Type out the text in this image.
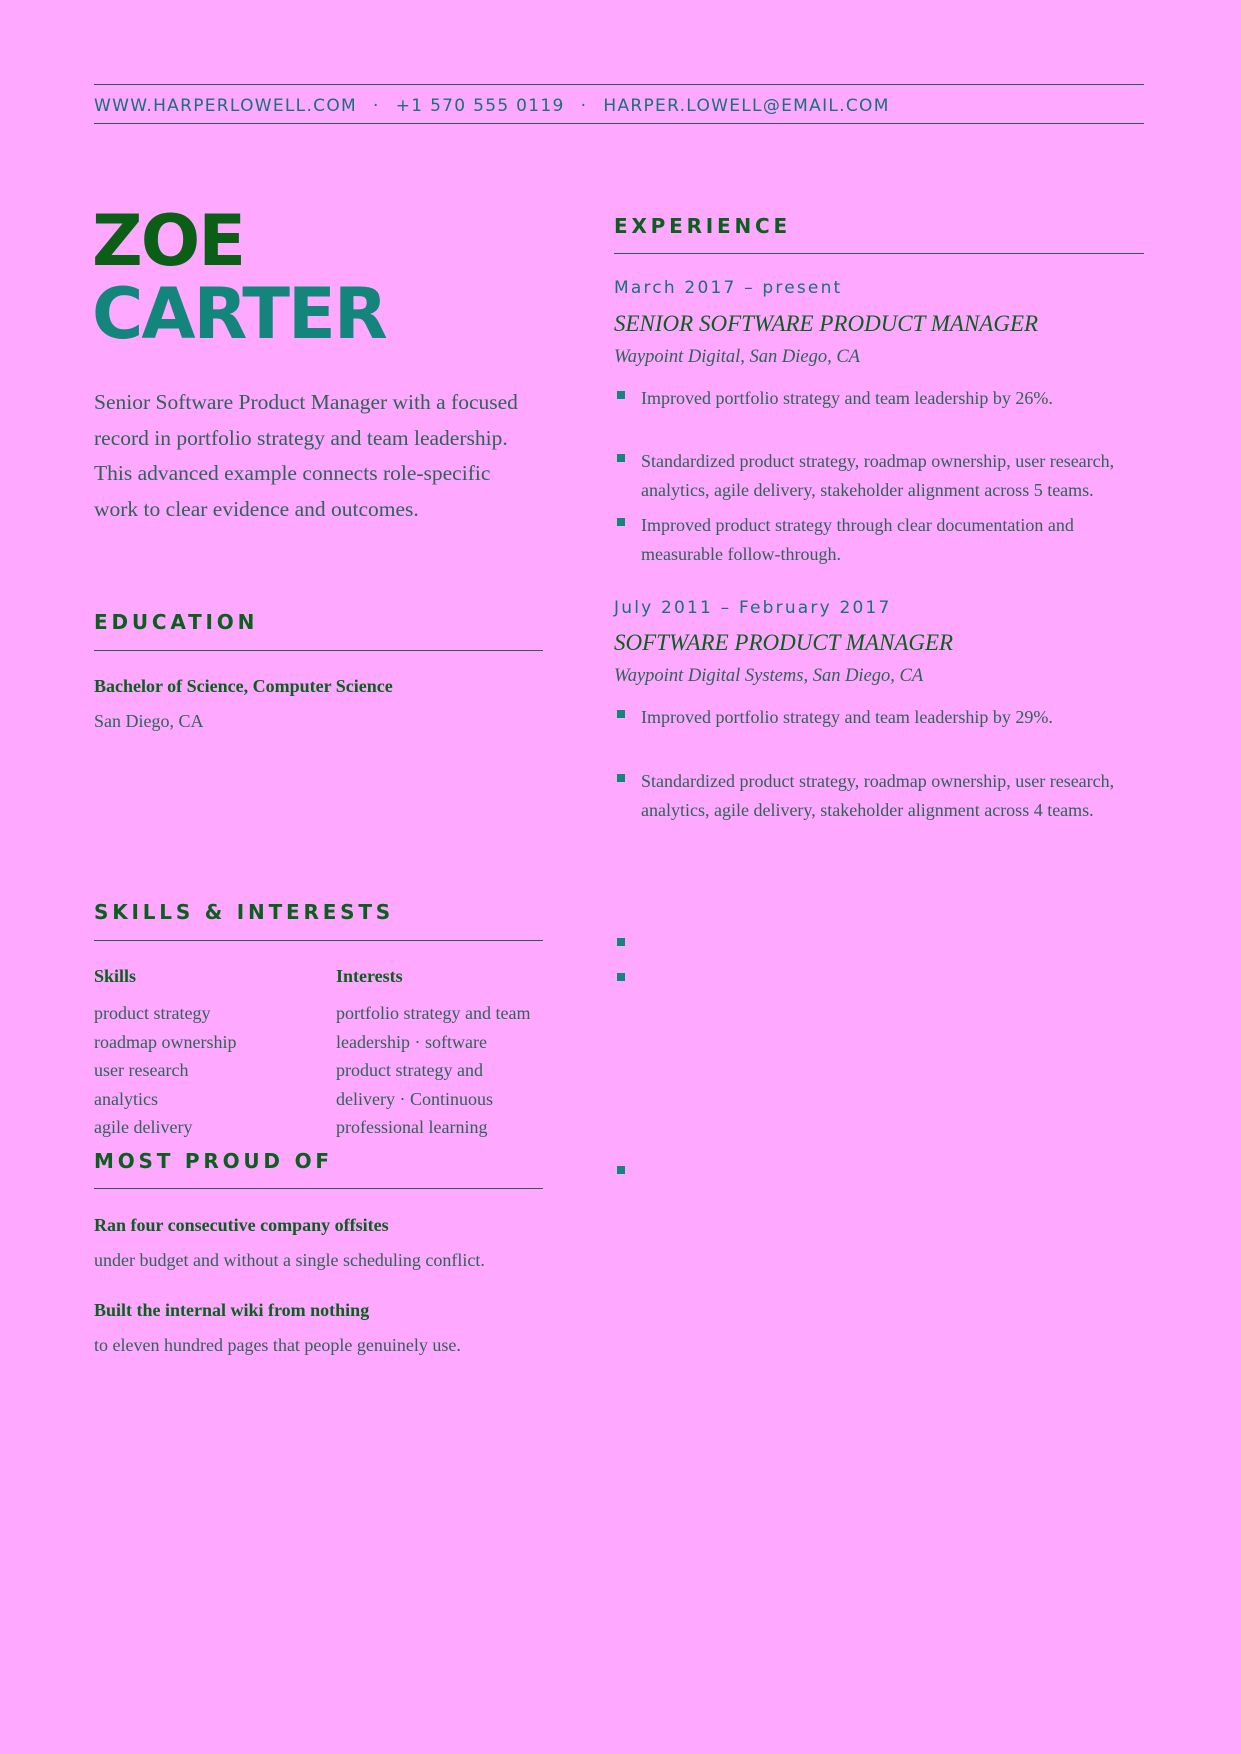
WWW.HARPERLOWELL.COM · +1 570 555 0119 · HARPER.LOWELL@EMAIL.COM
ZOE
CARTER
Senior Software Product Manager with a focused record in portfolio strategy and team leadership. This advanced example connects role-specific work to clear evidence and outcomes.
EDUCATION
Bachelor of Science, Computer Science
San Diego, CA
SKILLS & INTERESTS
Skills	Interests
product strategy
roadmap ownership
user research
analytics
agile delivery
portfolio strategy and team
leadership · software
product strategy and
delivery · Continuous
professional learning
MOST PROUD OF
Ran four consecutive company offsites
under budget and without a single scheduling conflict.
Built the internal wiki from nothing
to eleven hundred pages that people genuinely use.
EXPERIENCE
March 2017 – present
SENIOR SOFTWARE PRODUCT MANAGER
Waypoint Digital, San Diego, CA
Improved portfolio strategy and team leadership by 26%.
Standardized product strategy, roadmap ownership, user research, analytics, agile delivery, stakeholder alignment across 5 teams.
Improved product strategy through clear documentation and measurable follow-through.
July 2011 – February 2017
SOFTWARE PRODUCT MANAGER
Waypoint Digital Systems, San Diego, CA
Improved portfolio strategy and team leadership by 29%.
Standardized product strategy, roadmap ownership, user research, analytics, agile delivery, stakeholder alignment across 4 teams.
